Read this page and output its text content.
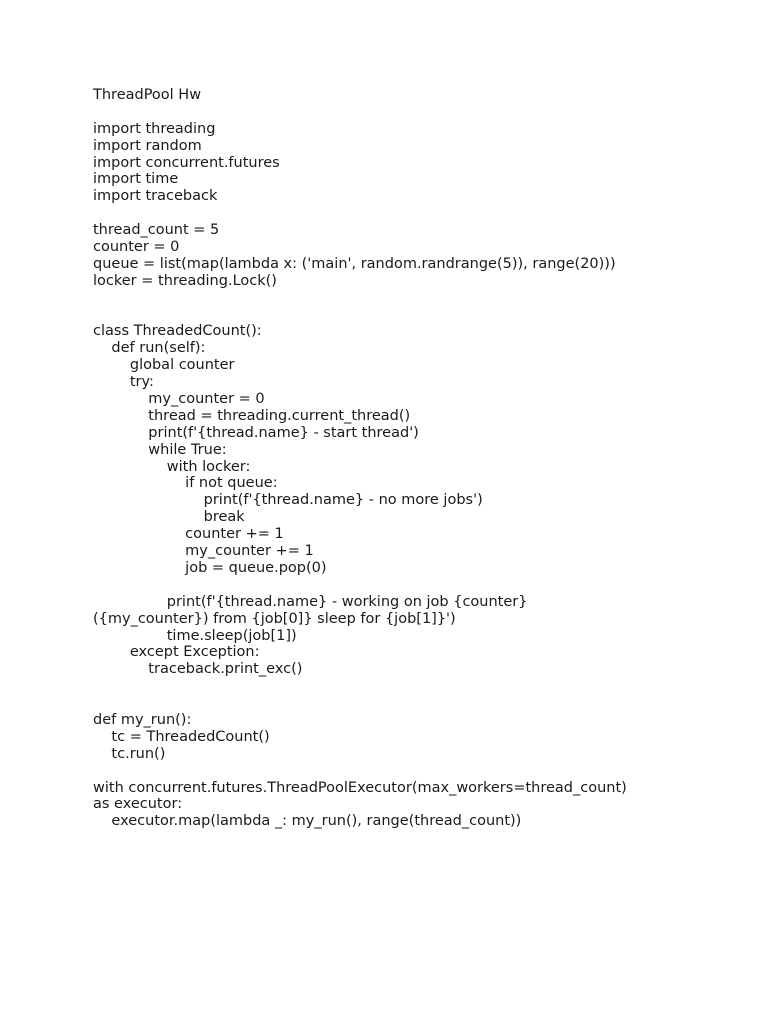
ThreadPool Hw
import threading
import random
import concurrent.futures
import time
import traceback
thread_count = 5
counter = 0
queue = list(map(lambda x: ('main', random.randrange(5)), range(20)))
locker = threading.Lock()
class ThreadedCount():
def run(self):
global counter
try:
my_counter = 0
thread = threading.current_thread()
print(f'{thread.name} - start thread')
while True:
with locker:
if not queue:
print(f'{thread.name} - no more jobs')
break
counter += 1
my_counter += 1
job = queue.pop(0)
print(f'{thread.name} - working on job {counter}
({my_counter}) from {job[0]} sleep for {job[1]}')
time.sleep(job[1])
except Exception:
traceback.print_exc()
def my_run():
tc = ThreadedCount()
tc.run()
with concurrent.futures.ThreadPoolExecutor(max_workers=thread_count)
as executor:
executor.map(lambda _: my_run(), range(thread_count))
